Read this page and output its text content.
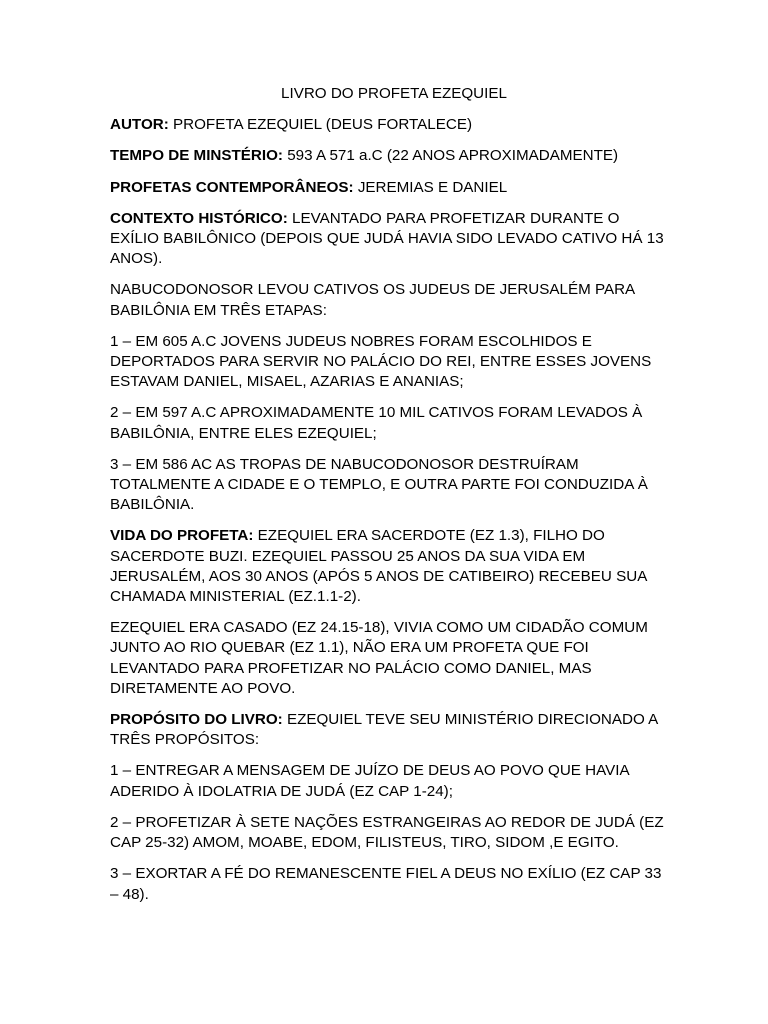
LIVRO DO PROFETA EZEQUIEL

AUTOR: PROFETA EZEQUIEL (DEUS FORTALECE)

TEMPO DE MINSTÉRIO: 593 A 571 a.C (22 ANOS APROXIMADAMENTE)

PROFETAS CONTEMPORÂNEOS: JEREMIAS E DANIEL

CONTEXTO HISTÓRICO: LEVANTADO PARA PROFETIZAR DURANTE O EXÍLIO BABILÔNICO (DEPOIS QUE JUDÁ HAVIA SIDO LEVADO CATIVO HÁ 13 ANOS).

NABUCODONOSOR LEVOU CATIVOS OS JUDEUS DE JERUSALÉM PARA BABILÔNIA EM TRÊS ETAPAS:

1 – EM 605 A.C JOVENS JUDEUS NOBRES FORAM ESCOLHIDOS E DEPORTADOS PARA SERVIR NO PALÁCIO DO REI, ENTRE ESSES JOVENS ESTAVAM DANIEL, MISAEL, AZARIAS E ANANIAS;

2 – EM 597 A.C APROXIMADAMENTE 10 MIL CATIVOS FORAM LEVADOS À BABILÔNIA, ENTRE ELES EZEQUIEL;

3 – EM 586 AC AS TROPAS DE NABUCODONOSOR DESTRUÍRAM TOTALMENTE A CIDADE E O TEMPLO, E OUTRA PARTE FOI CONDUZIDA À BABILÔNIA.

VIDA DO PROFETA: EZEQUIEL ERA SACERDOTE (EZ 1.3), FILHO DO SACERDOTE BUZI. EZEQUIEL PASSOU 25 ANOS DA SUA VIDA EM JERUSALÉM, AOS 30 ANOS (APÓS 5 ANOS DE CATIBEIRO) RECEBEU SUA CHAMADA MINISTERIAL (EZ.1.1-2).

EZEQUIEL ERA CASADO (EZ 24.15-18), VIVIA COMO UM CIDADÃO COMUM JUNTO AO RIO QUEBAR (EZ 1.1), NÃO ERA UM PROFETA QUE FOI LEVANTADO PARA PROFETIZAR NO PALÁCIO COMO DANIEL, MAS DIRETAMENTE AO POVO.

PROPÓSITO DO LIVRO: EZEQUIEL TEVE SEU MINISTÉRIO DIRECIONADO A TRÊS PROPÓSITOS:

1 – ENTREGAR A MENSAGEM DE JUÍZO DE DEUS AO POVO QUE HAVIA ADERIDO À IDOLATRIA DE JUDÁ (EZ CAP 1-24);

2 – PROFETIZAR À SETE NAÇÕES ESTRANGEIRAS AO REDOR DE JUDÁ (EZ CAP 25-32) AMOM, MOABE, EDOM, FILISTEUS, TIRO, SIDOM ,E EGITO.

3 – EXORTAR A FÉ DO REMANESCENTE FIEL A DEUS NO EXÍLIO (EZ CAP 33 – 48).
